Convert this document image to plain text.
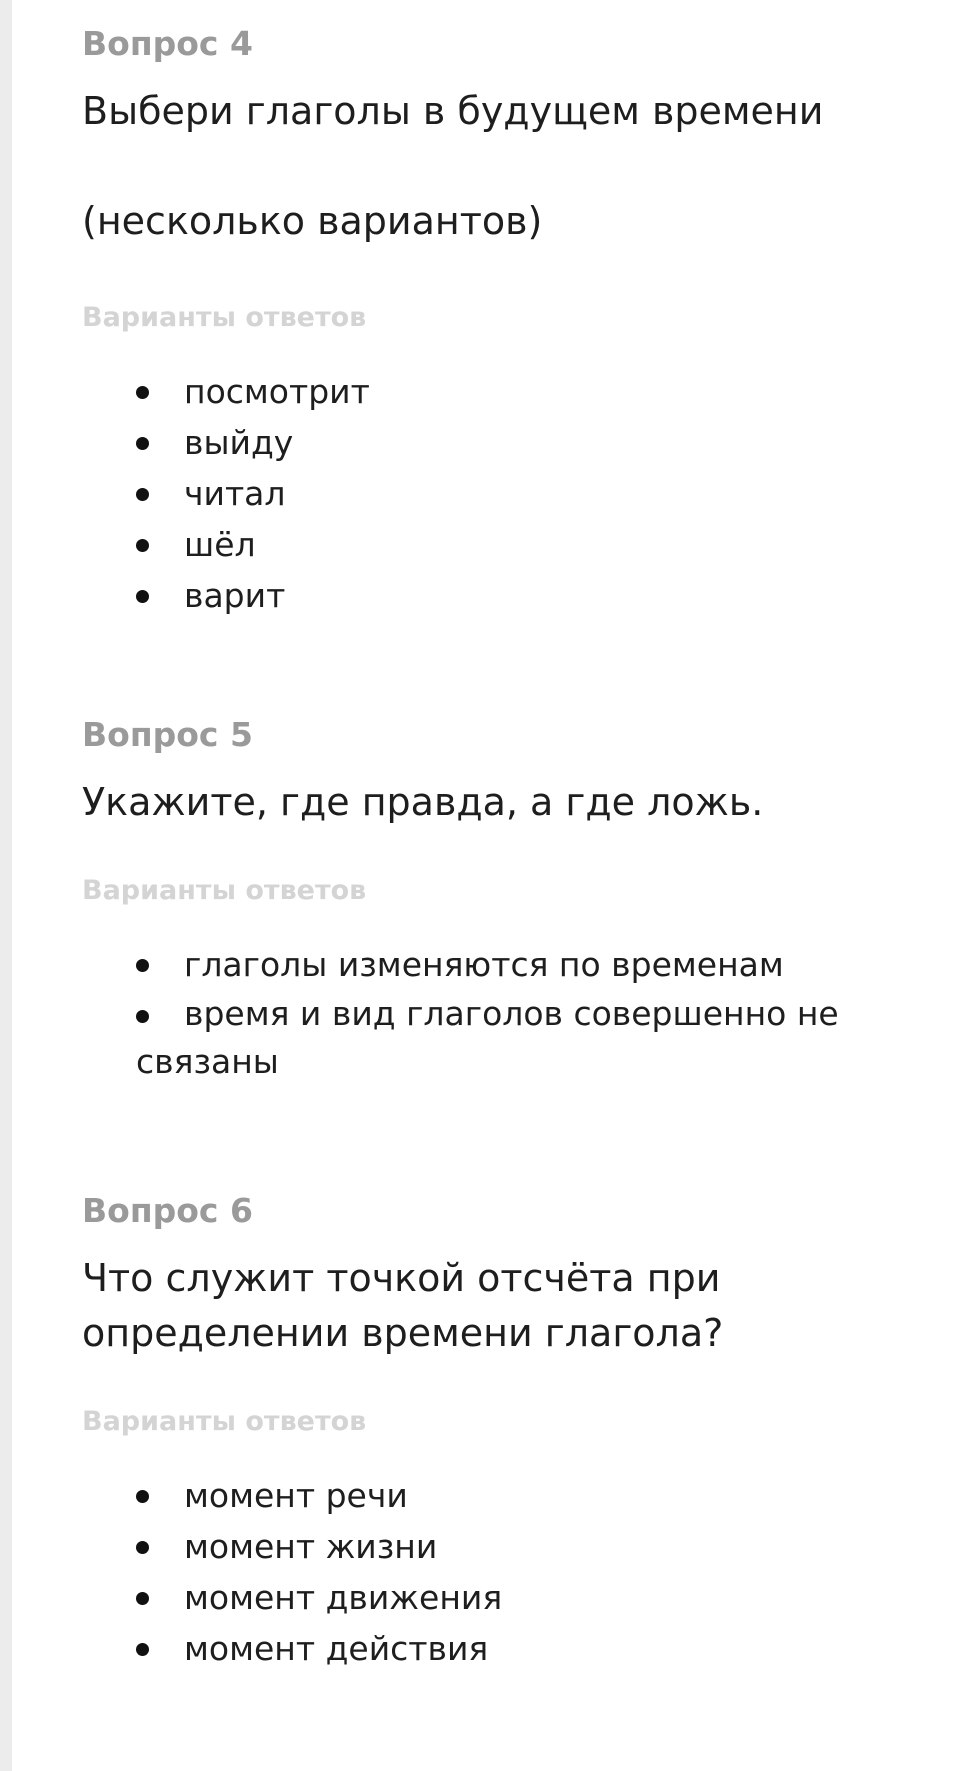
Вопрос 4

Выбери глаголы в будущем времени

(несколько вариантов)

Варианты ответов
посмотрит
выйду
читал
шёл
варит
Вопрос 5

Укажите, где правда, а где ложь.

Варианты ответов
глаголы изменяются по временам
время и вид глаголов совершенно не связаны
Вопрос 6

Что служит точкой отсчёта при
определении времени глагола?

Варианты ответов
момент речи
момент жизни
момент движения
момент действия
